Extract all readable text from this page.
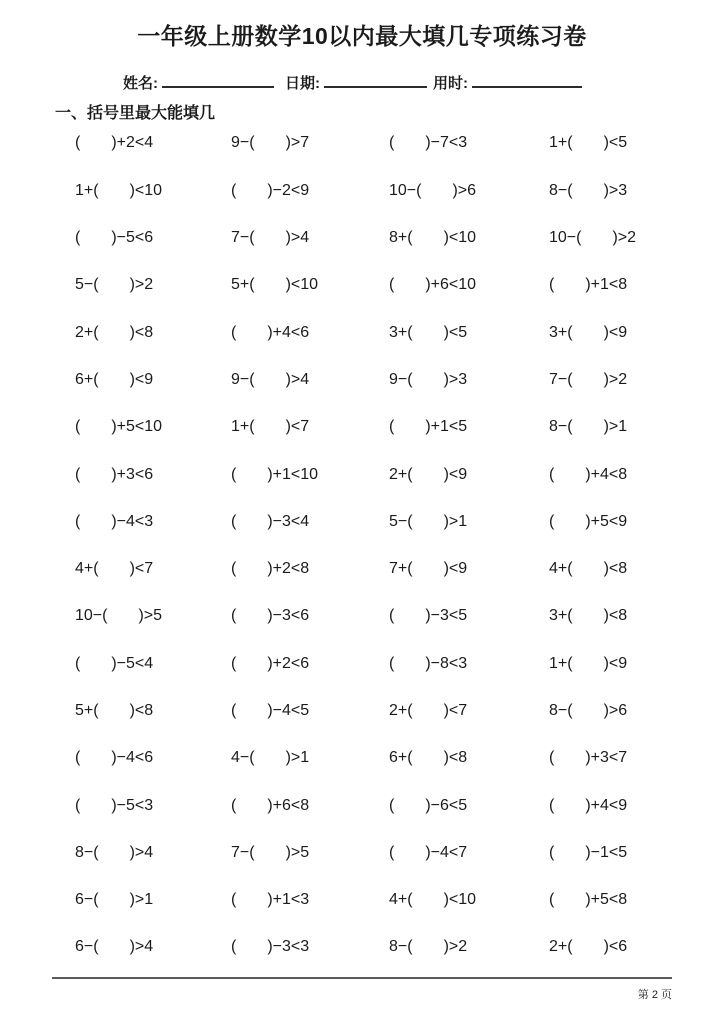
一年级上册数学10以内最大填几专项练习卷
姓名:	日期:	用时:
一、括号里最大能填几
( )+2<4	9−( )>7	( )−7<3	1+( )<5
1+( )<10	( )−2<9	10−( )>6	8−( )>3
( )−5<6	7−( )>4	8+( )<10	10−( )>2
5−( )>2	5+( )<10	( )+6<10	( )+1<8
2+( )<8	( )+4<6	3+( )<5	3+( )<9
6+( )<9	9−( )>4	9−( )>3	7−( )>2
( )+5<10	1+( )<7	( )+1<5	8−( )>1
( )+3<6	( )+1<10	2+( )<9	( )+4<8
( )−4<3	( )−3<4	5−( )>1	( )+5<9
4+( )<7	( )+2<8	7+( )<9	4+( )<8
10−( )>5	( )−3<6	( )−3<5	3+( )<8
( )−5<4	( )+2<6	( )−8<3	1+( )<9
5+( )<8	( )−4<5	2+( )<7	8−( )>6
( )−4<6	4−( )>1	6+( )<8	( )+3<7
( )−5<3	( )+6<8	( )−6<5	( )+4<9
8−( )>4	7−( )>5	( )−4<7	( )−1<5
6−( )>1	( )+1<3	4+( )<10	( )+5<8
6−( )>4	( )−3<3	8−( )>2	2+( )<6
第 2 页
